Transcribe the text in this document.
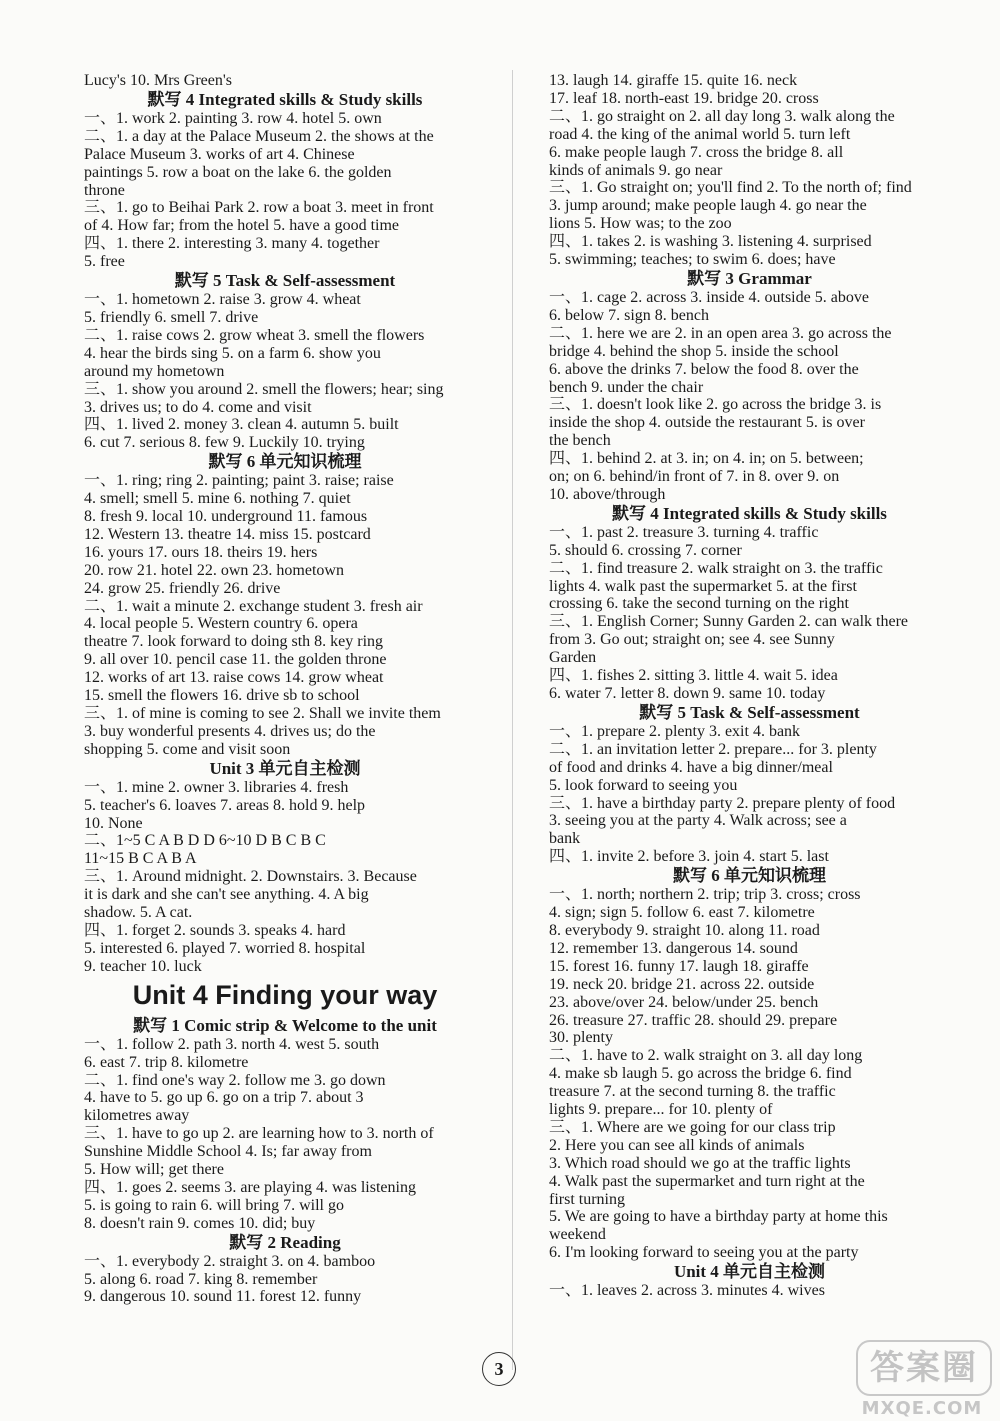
Lucy's 10. Mrs Green's
默写 4 Integrated skills & Study skills
一、1. work 2. painting 3. row 4. hotel 5. own
二、1. a day at the Palace Museum 2. the shows at the
Palace Museum 3. works of art 4. Chinese
paintings 5. row a boat on the lake 6. the golden
throne
三、1. go to Beihai Park 2. row a boat 3. meet in front
of 4. How far; from the hotel 5. have a good time
四、1. there 2. interesting 3. many 4. together
5. free
默写 5 Task & Self-assessment
一、1. hometown 2. raise 3. grow 4. wheat
5. friendly 6. smell 7. drive
二、1. raise cows 2. grow wheat 3. smell the flowers
4. hear the birds sing 5. on a farm 6. show you
around my hometown
三、1. show you around 2. smell the flowers; hear; sing
3. drives us; to do 4. come and visit
四、1. lived 2. money 3. clean 4. autumn 5. built
6. cut 7. serious 8. few 9. Luckily 10. trying
默写 6 单元知识梳理
一、1. ring; ring 2. painting; paint 3. raise; raise
4. smell; smell 5. mine 6. nothing 7. quiet
8. fresh 9. local 10. underground 11. famous
12. Western 13. theatre 14. miss 15. postcard
16. yours 17. ours 18. theirs 19. hers
20. row 21. hotel 22. own 23. hometown
24. grow 25. friendly 26. drive
二、1. wait a minute 2. exchange student 3. fresh air
4. local people 5. Western country 6. opera
theatre 7. look forward to doing sth 8. key ring
9. all over 10. pencil case 11. the golden throne
12. works of art 13. raise cows 14. grow wheat
15. smell the flowers 16. drive sb to school
三、1. of mine is coming to see 2. Shall we invite them
3. buy wonderful presents 4. drives us; do the
shopping 5. come and visit soon
Unit 3 单元自主检测
一、1. mine 2. owner 3. libraries 4. fresh
5. teacher's 6. loaves 7. areas 8. hold 9. help
10. None
二、1~5 C A B D D 6~10 D B C B C
11~15 B C A B A
三、1. Around midnight. 2. Downstairs. 3. Because
it is dark and she can't see anything. 4. A big
shadow. 5. A cat.
四、1. forget 2. sounds 3. speaks 4. hard
5. interested 6. played 7. worried 8. hospital
9. teacher 10. luck
Unit 4 Finding your way
默写 1 Comic strip & Welcome to the unit
一、1. follow 2. path 3. north 4. west 5. south
6. east 7. trip 8. kilometre
二、1. find one's way 2. follow me 3. go down
4. have to 5. go up 6. go on a trip 7. about 3
kilometres away
三、1. have to go up 2. are learning how to 3. north of
Sunshine Middle School 4. Is; far away from
5. How will; get there
四、1. goes 2. seems 3. are playing 4. was listening
5. is going to rain 6. will bring 7. will go
8. doesn't rain 9. comes 10. did; buy
默写 2 Reading
一、1. everybody 2. straight 3. on 4. bamboo
5. along 6. road 7. king 8. remember
9. dangerous 10. sound 11. forest 12. funny
13. laugh 14. giraffe 15. quite 16. neck
17. leaf 18. north-east 19. bridge 20. cross
二、1. go straight on 2. all day long 3. walk along the
road 4. the king of the animal world 5. turn left
6. make people laugh 7. cross the bridge 8. all
kinds of animals 9. go near
三、1. Go straight on; you'll find 2. To the north of; find
3. jump around; make people laugh 4. go near the
lions 5. How was; to the zoo
四、1. takes 2. is washing 3. listening 4. surprised
5. swimming; teaches; to swim 6. does; have
默写 3 Grammar
一、1. cage 2. across 3. inside 4. outside 5. above
6. below 7. sign 8. bench
二、1. here we are 2. in an open area 3. go across the
bridge 4. behind the shop 5. inside the school
6. above the drinks 7. below the food 8. over the
bench 9. under the chair
三、1. doesn't look like 2. go across the bridge 3. is
inside the shop 4. outside the restaurant 5. is over
the bench
四、1. behind 2. at 3. in; on 4. in; on 5. between;
on; on 6. behind/in front of 7. in 8. over 9. on
10. above/through
默写 4 Integrated skills & Study skills
一、1. past 2. treasure 3. turning 4. traffic
5. should 6. crossing 7. corner
二、1. find treasure 2. walk straight on 3. the traffic
lights 4. walk past the supermarket 5. at the first
crossing 6. take the second turning on the right
三、1. English Corner; Sunny Garden 2. can walk there
from 3. Go out; straight on; see 4. see Sunny
Garden
四、1. fishes 2. sitting 3. little 4. wait 5. idea
6. water 7. letter 8. down 9. same 10. today
默写 5 Task & Self-assessment
一、1. prepare 2. plenty 3. exit 4. bank
二、1. an invitation letter 2. prepare... for 3. plenty
of food and drinks 4. have a big dinner/meal
5. look forward to seeing you
三、1. have a birthday party 2. prepare plenty of food
3. seeing you at the party 4. Walk across; see a
bank
四、1. invite 2. before 3. join 4. start 5. last
默写 6 单元知识梳理
一、1. north; northern 2. trip; trip 3. cross; cross
4. sign; sign 5. follow 6. east 7. kilometre
8. everybody 9. straight 10. along 11. road
12. remember 13. dangerous 14. sound
15. forest 16. funny 17. laugh 18. giraffe
19. neck 20. bridge 21. across 22. outside
23. above/over 24. below/under 25. bench
26. treasure 27. traffic 28. should 29. prepare
30. plenty
二、1. have to 2. walk straight on 3. all day long
4. make sb laugh 5. go across the bridge 6. find
treasure 7. at the second turning 8. the traffic
lights 9. prepare... for 10. plenty of
三、1. Where are we going for our class trip
2. Here you can see all kinds of animals
3. Which road should we go at the traffic lights
4. Walk past the supermarket and turn right at the
first turning
5. We are going to have a birthday party at home this
weekend
6. I'm looking forward to seeing you at the party
Unit 4 单元自主检测
一、1. leaves 2. across 3. minutes 4. wives
3	答案圈
MXQE.COM
